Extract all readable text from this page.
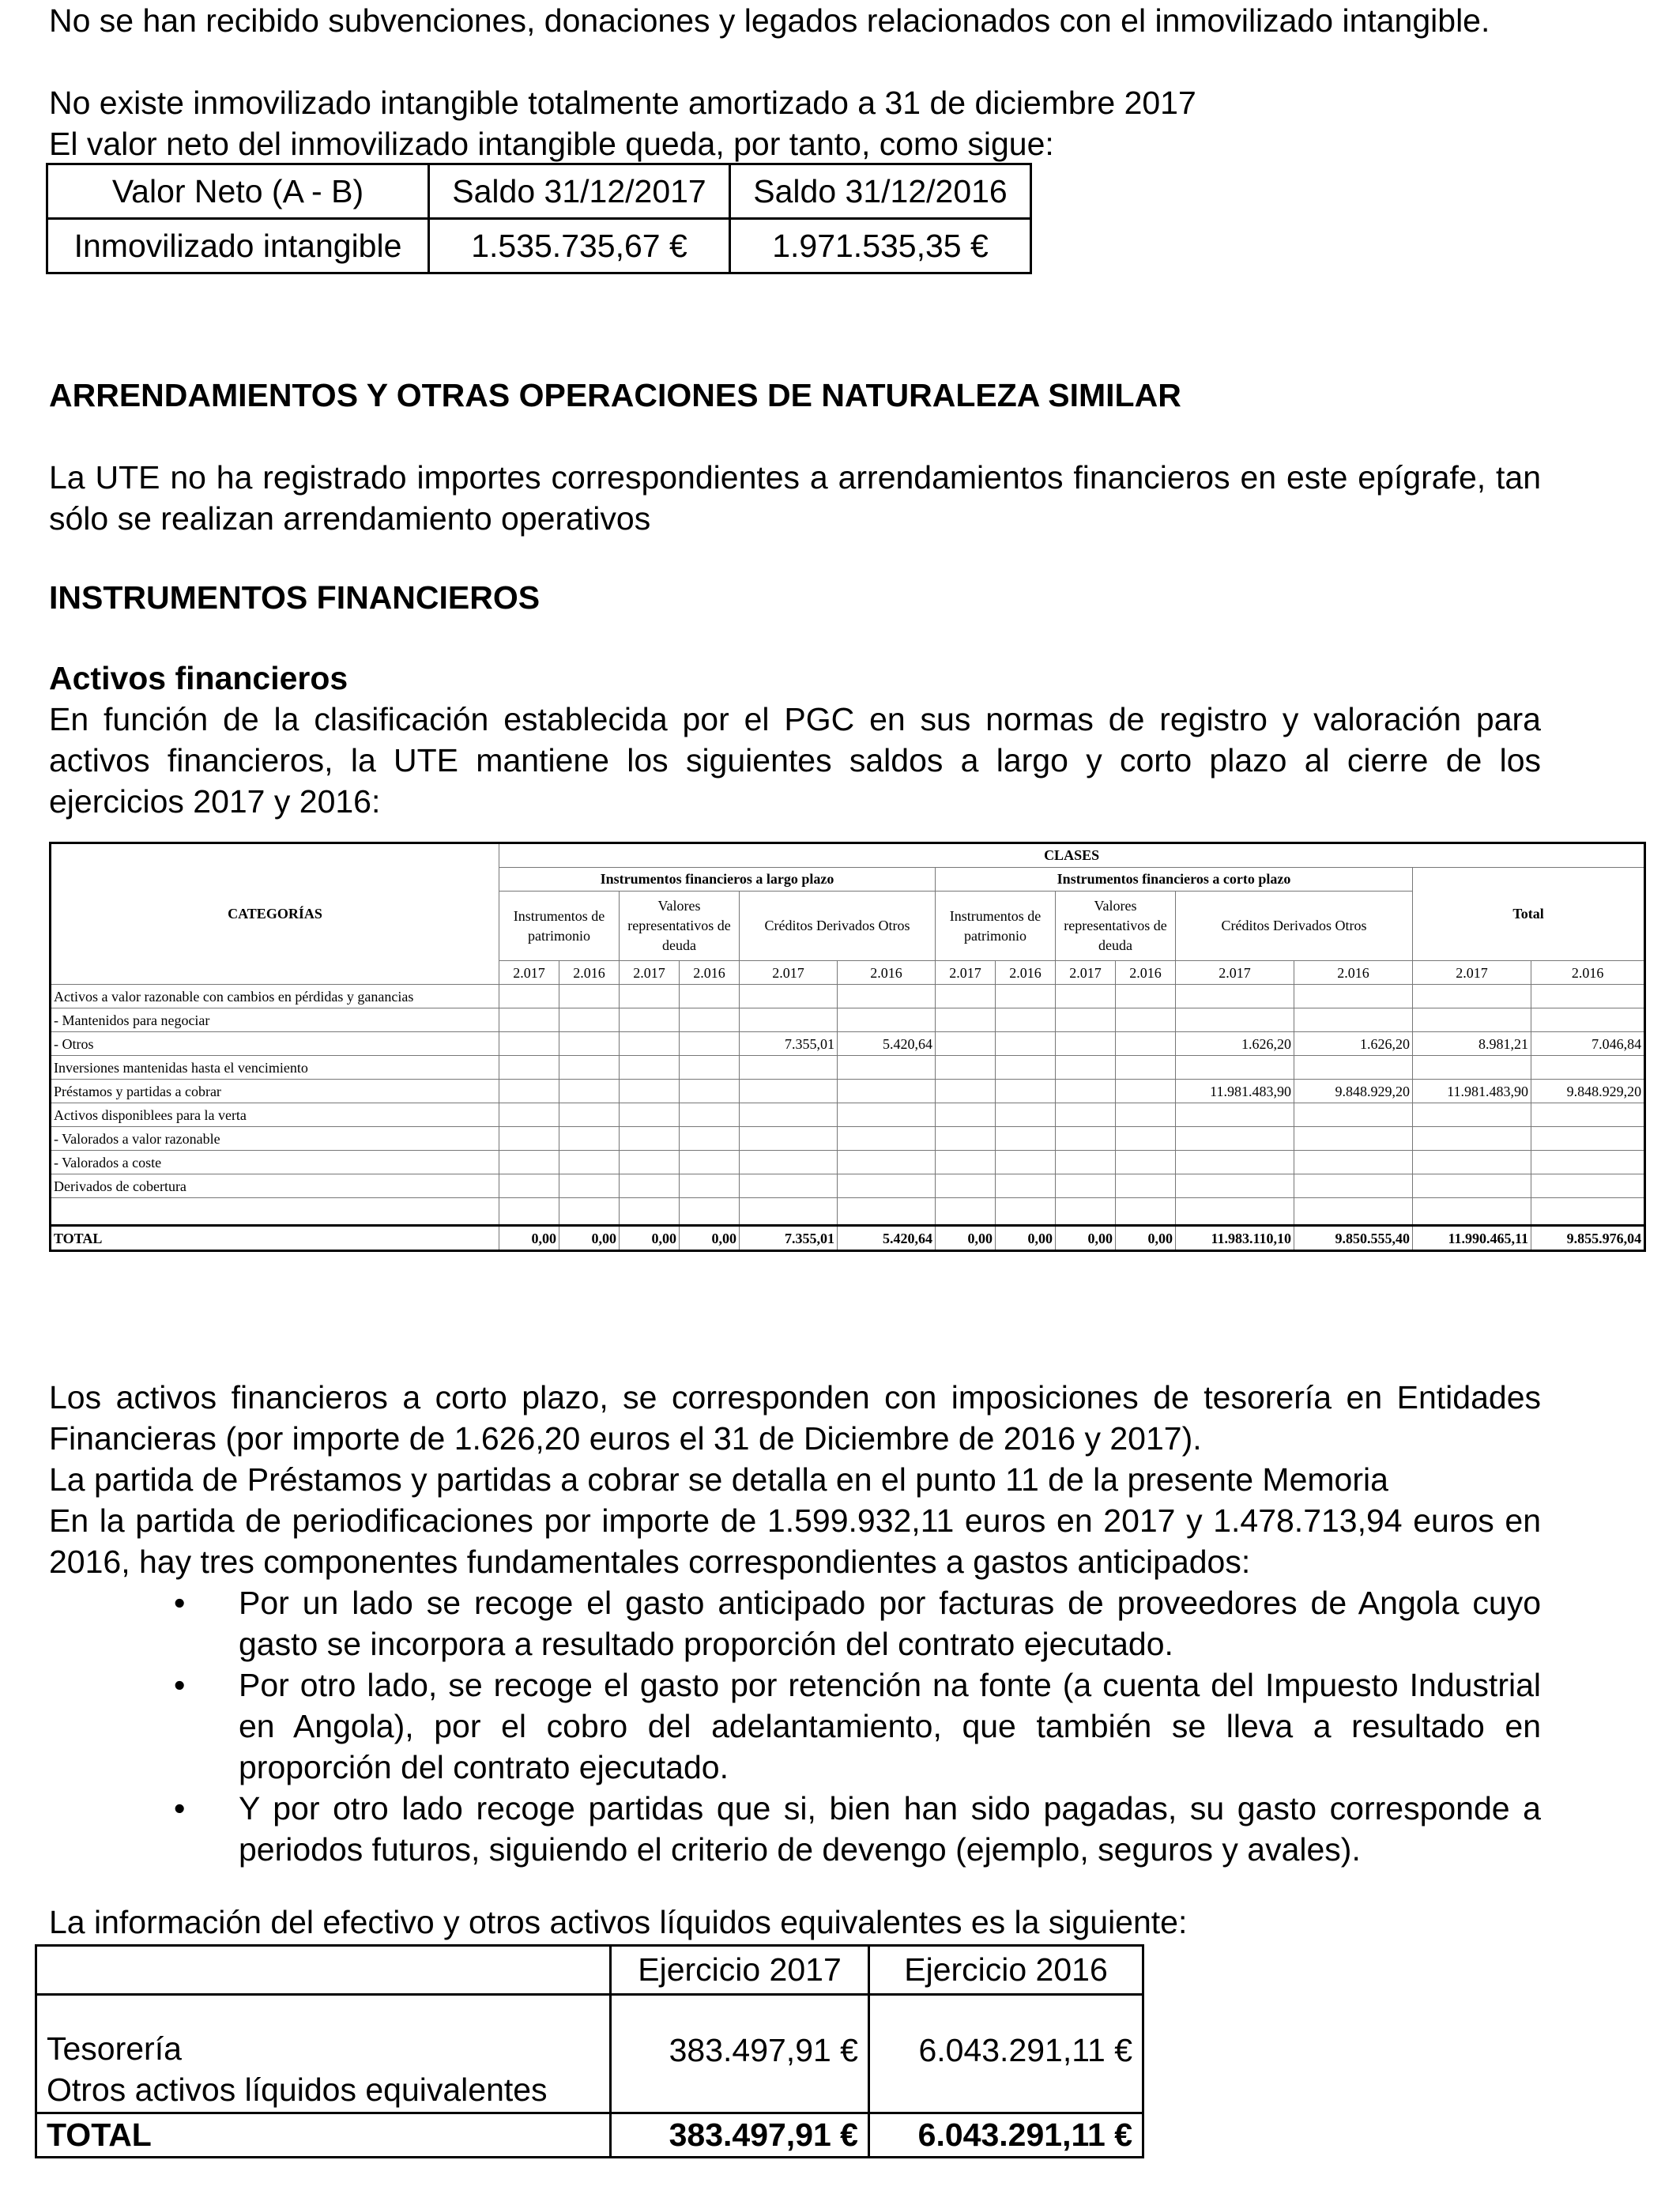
No se han recibido subvenciones, donaciones y legados relacionados con el inmovilizado intangible.

No existe inmovilizado intangible totalmente amortizado a 31 de diciembre 2017

El valor neto del inmovilizado intangible queda, por tanto, como sigue:

Valor Neto (A - B)	Saldo 31/12/2017	Saldo 31/12/2016
Inmovilizado intangible	1.535.735,67 €	1.971.535,35 €
ARRENDAMIENTOS Y OTRAS OPERACIONES DE NATURALEZA SIMILAR

La UTE no ha registrado importes correspondientes a arrendamientos financieros en este epígrafe, tan sólo se realizan arrendamiento operativos

INSTRUMENTOS FINANCIEROS
Activos financieros

En función de la clasificación establecida por el PGC en sus normas de registro y valoración para activos financieros, la UTE mantiene los siguientes saldos a largo y corto plazo al cierre de los ejercicios 2017 y 2016:

CATEGORÍAS	CLASES													
	Instrumentos financieros a largo plazo						Instrumentos financieros a corto plazo						Total	
	Instrumentos de patrimonio		Valores representativos de deuda		Créditos Derivados Otros		Instrumentos de patrimonio		Valores representativos de deuda		Créditos Derivados Otros			
	2.017	2.016	2.017	2.016	2.017	2.016	2.017	2.016	2.017	2.016	2.017	2.016	2.017	2.016
Activos a valor razonable con cambios en pérdidas y ganancias														
- Mantenidos para negociar														
- Otros					7.355,01	5.420,64					1.626,20	1.626,20	8.981,21	7.046,84
Inversiones mantenidas hasta el vencimiento														
Préstamos y partidas a cobrar											11.981.483,90	9.848.929,20	11.981.483,90	9.848.929,20
Activos disponiblees para la verta														
- Valorados a valor razonable														
- Valorados a coste														
Derivados de cobertura														

TOTAL	0,00	0,00	0,00	0,00	7.355,01	5.420,64	0,00	0,00	0,00	0,00	11.983.110,10	9.850.555,40	11.990.465,11	9.855.976,04

Los activos financieros a corto plazo, se corresponden con imposiciones de tesorería en Entidades Financieras (por importe de 1.626,20 euros el 31 de Diciembre de 2016 y 2017).

La partida de Préstamos y partidas a cobrar se detalla en el punto 11 de la presente Memoria

En la partida de periodificaciones por importe de 1.599.932,11 euros en 2017 y 1.478.713,94 euros en 2016, hay tres componentes fundamentales correspondientes a gastos anticipados:

• Por un lado se recoge el gasto anticipado por facturas de proveedores de Angola cuyo gasto se incorpora a resultado proporción del contrato ejecutado.
• Por otro lado, se recoge el gasto por retención na fonte (a cuenta del Impuesto Industrial en Angola), por el cobro del adelantamiento, que también se lleva a resultado en proporción del contrato ejecutado.
• Y por otro lado recoge partidas que si, bien han sido pagadas, su gasto corresponde a periodos futuros, siguiendo el criterio de devengo (ejemplo, seguros y avales).

La información del efectivo y otros activos líquidos equivalentes es la siguiente:

	Ejercicio 2017	Ejercicio 2016

Tesorería
Otros activos líquidos equivalentes	383.497,91 €	6.043.291,11 €
TOTAL	383.497,91 €	6.043.291,11 €
